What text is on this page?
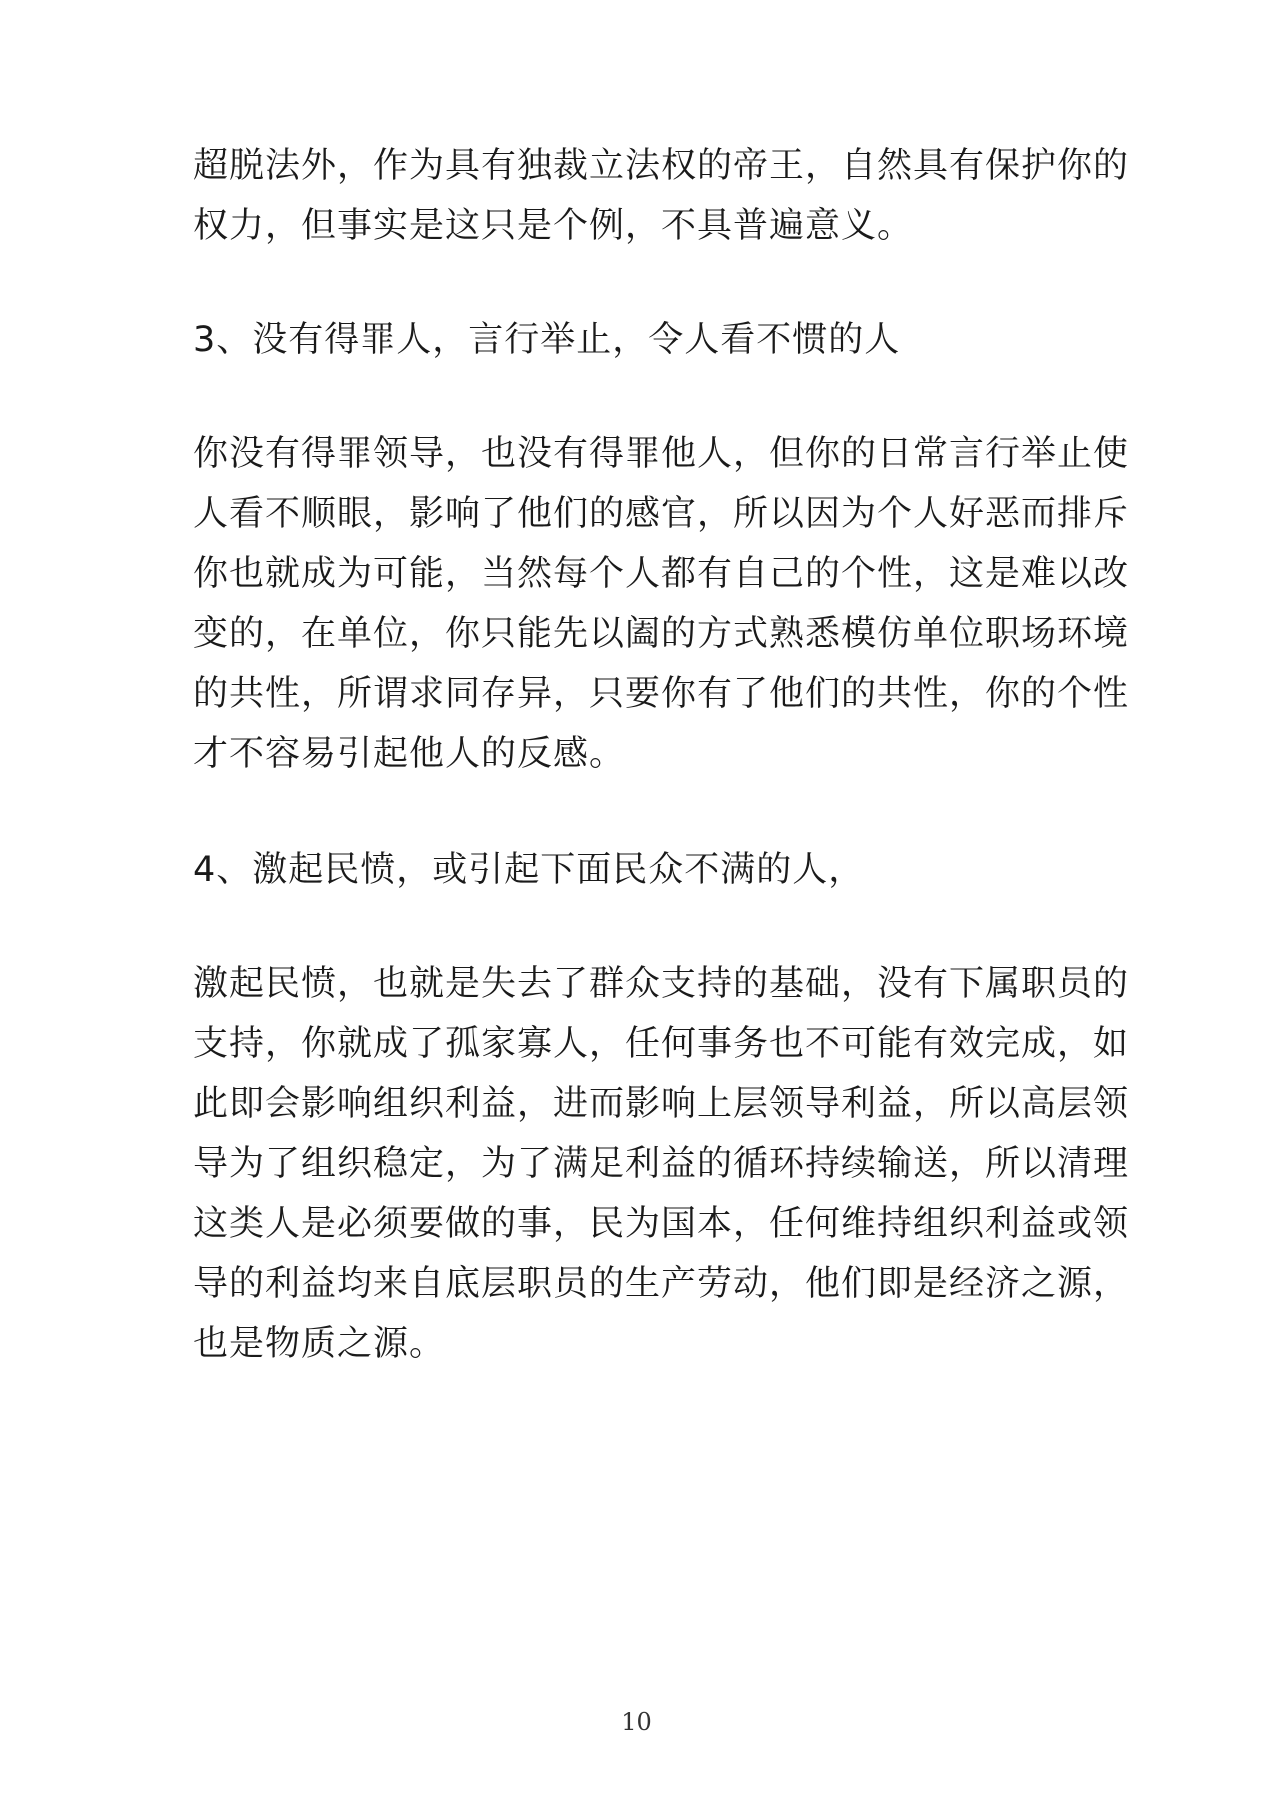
超脱法外，作为具有独裁立法权的帝王，自然具有保护你的
权力，但事实是这只是个例，不具普遍意义。
3、没有得罪人，言行举止，令人看不惯的人
你没有得罪领导，也没有得罪他人，但你的日常言行举止使
人看不顺眼，影响了他们的感官，所以因为个人好恶而排斥
你也就成为可能，当然每个人都有自己的个性，这是难以改
变的，在单位，你只能先以阖的方式熟悉模仿单位职场环境
的共性，所谓求同存异，只要你有了他们的共性，你的个性
才不容易引起他人的反感。
4、激起民愤，或引起下面民众不满的人，
激起民愤，也就是失去了群众支持的基础，没有下属职员的
支持，你就成了孤家寡人，任何事务也不可能有效完成，如
此即会影响组织利益，进而影响上层领导利益，所以高层领
导为了组织稳定，为了满足利益的循环持续输送，所以清理
这类人是必须要做的事，民为国本，任何维持组织利益或领
导的利益均来自底层职员的生产劳动，他们即是经济之源，
也是物质之源。
10
